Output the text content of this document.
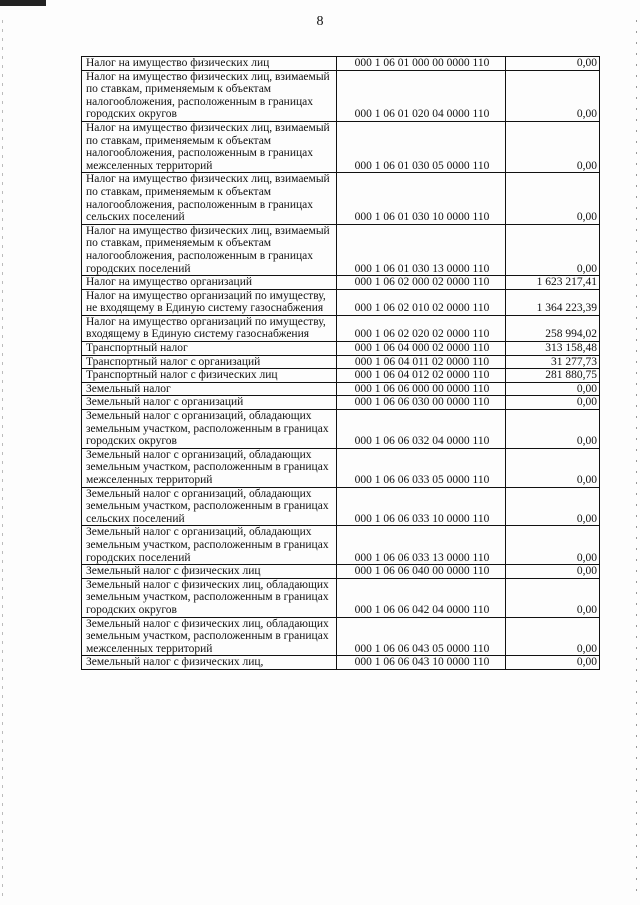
8
Налог на имущество физических лиц	000 1 06 01 000 00 0000 110	0,00
Налог на имущество физических лиц, взимаемый по ставкам, применяемым к объектам налогообложения, расположенным в границах городских округов	000 1 06 01 020 04 0000 110	0,00
Налог на имущество физических лиц, взимаемый по ставкам, применяемым к объектам налогообложения, расположенным в границах межселенных территорий	000 1 06 01 030 05 0000 110	0,00
Налог на имущество физических лиц, взимаемый по ставкам, применяемым к объектам налогообложения, расположенным в границах сельских поселений	000 1 06 01 030 10 0000 110	0,00
Налог на имущество физических лиц, взимаемый по ставкам, применяемым к объектам налогообложения, расположенным в границах городских поселений	000 1 06 01 030 13 0000 110	0,00
Налог на имущество организаций	000 1 06 02 000 02 0000 110	1 623 217,41
Налог на имущество организаций по имуществу, не входящему в Единую систему газоснабжения	000 1 06 02 010 02 0000 110	1 364 223,39
Налог на имущество организаций по имуществу, входящему в Единую систему газоснабжения	000 1 06 02 020 02 0000 110	258 994,02
Транспортный налог	000 1 06 04 000 02 0000 110	313 158,48
Транспортный налог с организаций	000 1 06 04 011 02 0000 110	31 277,73
Транспортный налог с физических лиц	000 1 06 04 012 02 0000 110	281 880,75
Земельный налог	000 1 06 06 000 00 0000 110	0,00
Земельный налог с организаций	000 1 06 06 030 00 0000 110	0,00
Земельный налог с организаций, обладающих земельным участком, расположенным в границах городских округов	000 1 06 06 032 04 0000 110	0,00
Земельный налог с организаций, обладающих земельным участком, расположенным в границах межселенных территорий	000 1 06 06 033 05 0000 110	0,00
Земельный налог с организаций, обладающих земельным участком, расположенным в границах сельских поселений	000 1 06 06 033 10 0000 110	0,00
Земельный налог с организаций, обладающих земельным участком, расположенным в границах городских поселений	000 1 06 06 033 13 0000 110	0,00
Земельный налог с физических лиц	000 1 06 06 040 00 0000 110	0,00
Земельный налог с физических лиц, обладающих земельным участком, расположенным в границах городских округов	000 1 06 06 042 04 0000 110	0,00
Земельный налог с физических лиц, обладающих земельным участком, расположенным в границах межселенных территорий	000 1 06 06 043 05 0000 110	0,00
Земельный налог с физических лиц,	000 1 06 06 043 10 0000 110	0,00
